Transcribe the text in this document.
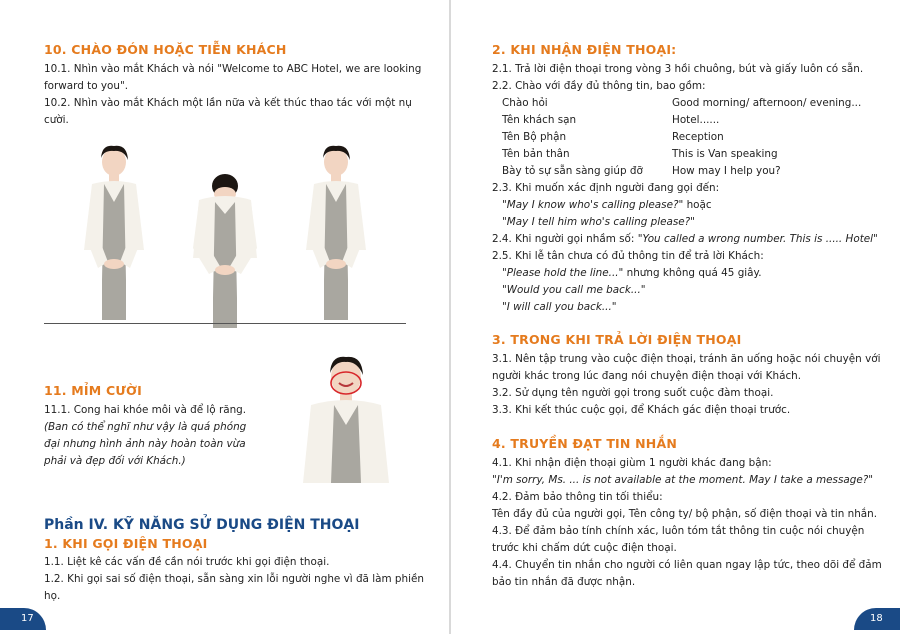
10. CHÀO ĐÓN HOẶC TIỄN KHÁCH

10.1. Nhìn vào mắt Khách và nói "Welcome to ABC Hotel, we are looking forward to you".

10.2. Nhìn vào mắt Khách một lần nữa và kết thúc thao tác với một nụ cười.

11. MỈM CƯỜI

11.1. Cong hai khóe môi và để lộ răng.

(Ban có thể nghĩ như vậy là quá phóng đại nhưng hình ảnh này hoàn toàn vừa phải và đẹp đối với Khách.)

Phần IV. KỸ NĂNG SỬ DỤNG ĐIỆN THOẠI
1. KHI GỌI ĐIỆN THOẠI

1.1. Liệt kê các vấn đề cần nói trước khi gọi điện thoại.

1.2. Khi gọi sai số điện thoại, sẵn sàng xin lỗi người nghe vì đã làm phiền họ.

17
2. KHI NHẬN ĐIỆN THOẠI:

2.1. Trả lời điện thoại trong vòng 3 hồi chuông, bút và giấy luôn có sẵn.

2.2. Chào với đầy đủ thông tin, bao gồm:

Chào hỏi	Good morning/ afternoon/ evening...
Tên khách sạn	Hotel......
Tên Bộ phận	Reception
Tên bản thân	This is Van speaking
Bày tỏ sự sẵn sàng giúp đỡ	How may I help you?

2.3. Khi muốn xác định người đang gọi đến:

"May I know who's calling please?" hoặc

"May I tell him who's calling please?"

2.4. Khi người gọi nhầm số: "You called a wrong number. This is ..... Hotel"

2.5. Khi lễ tân chưa có đủ thông tin để trả lời Khách:

"Please hold the line..." nhưng không quá 45 giây.

"Would you call me back..."

"I will call you back..."

3. TRONG KHI TRẢ LỜI ĐIỆN THOẠI

3.1. Nên tập trung vào cuộc điện thoại, tránh ăn uống hoặc nói chuyện với người khác trong lúc đang nói chuyện điện thoại với Khách.

3.2. Sử dụng tên người gọi trong suốt cuộc đàm thoại.

3.3. Khi kết thúc cuộc gọi, để Khách gác điện thoại trước.

4. TRUYỀN ĐẠT TIN NHẮN

4.1. Khi nhận điện thoại giùm 1 người khác đang bận:

"I'm sorry, Ms. ... is not available at the moment. May I take a message?"

4.2. Đảm bảo thông tin tối thiểu:

Tên đầy đủ của người gọi, Tên công ty/ bộ phận, số điện thoại và tin nhắn.

4.3. Để đảm bảo tính chính xác, luôn tóm tắt thông tin cuộc nói chuyện trước khi chấm dứt cuộc điện thoại.

4.4. Chuyển tin nhắn cho người có liên quan ngay lập tức, theo dõi để đảm bảo tin nhắn đã được nhận.

18
